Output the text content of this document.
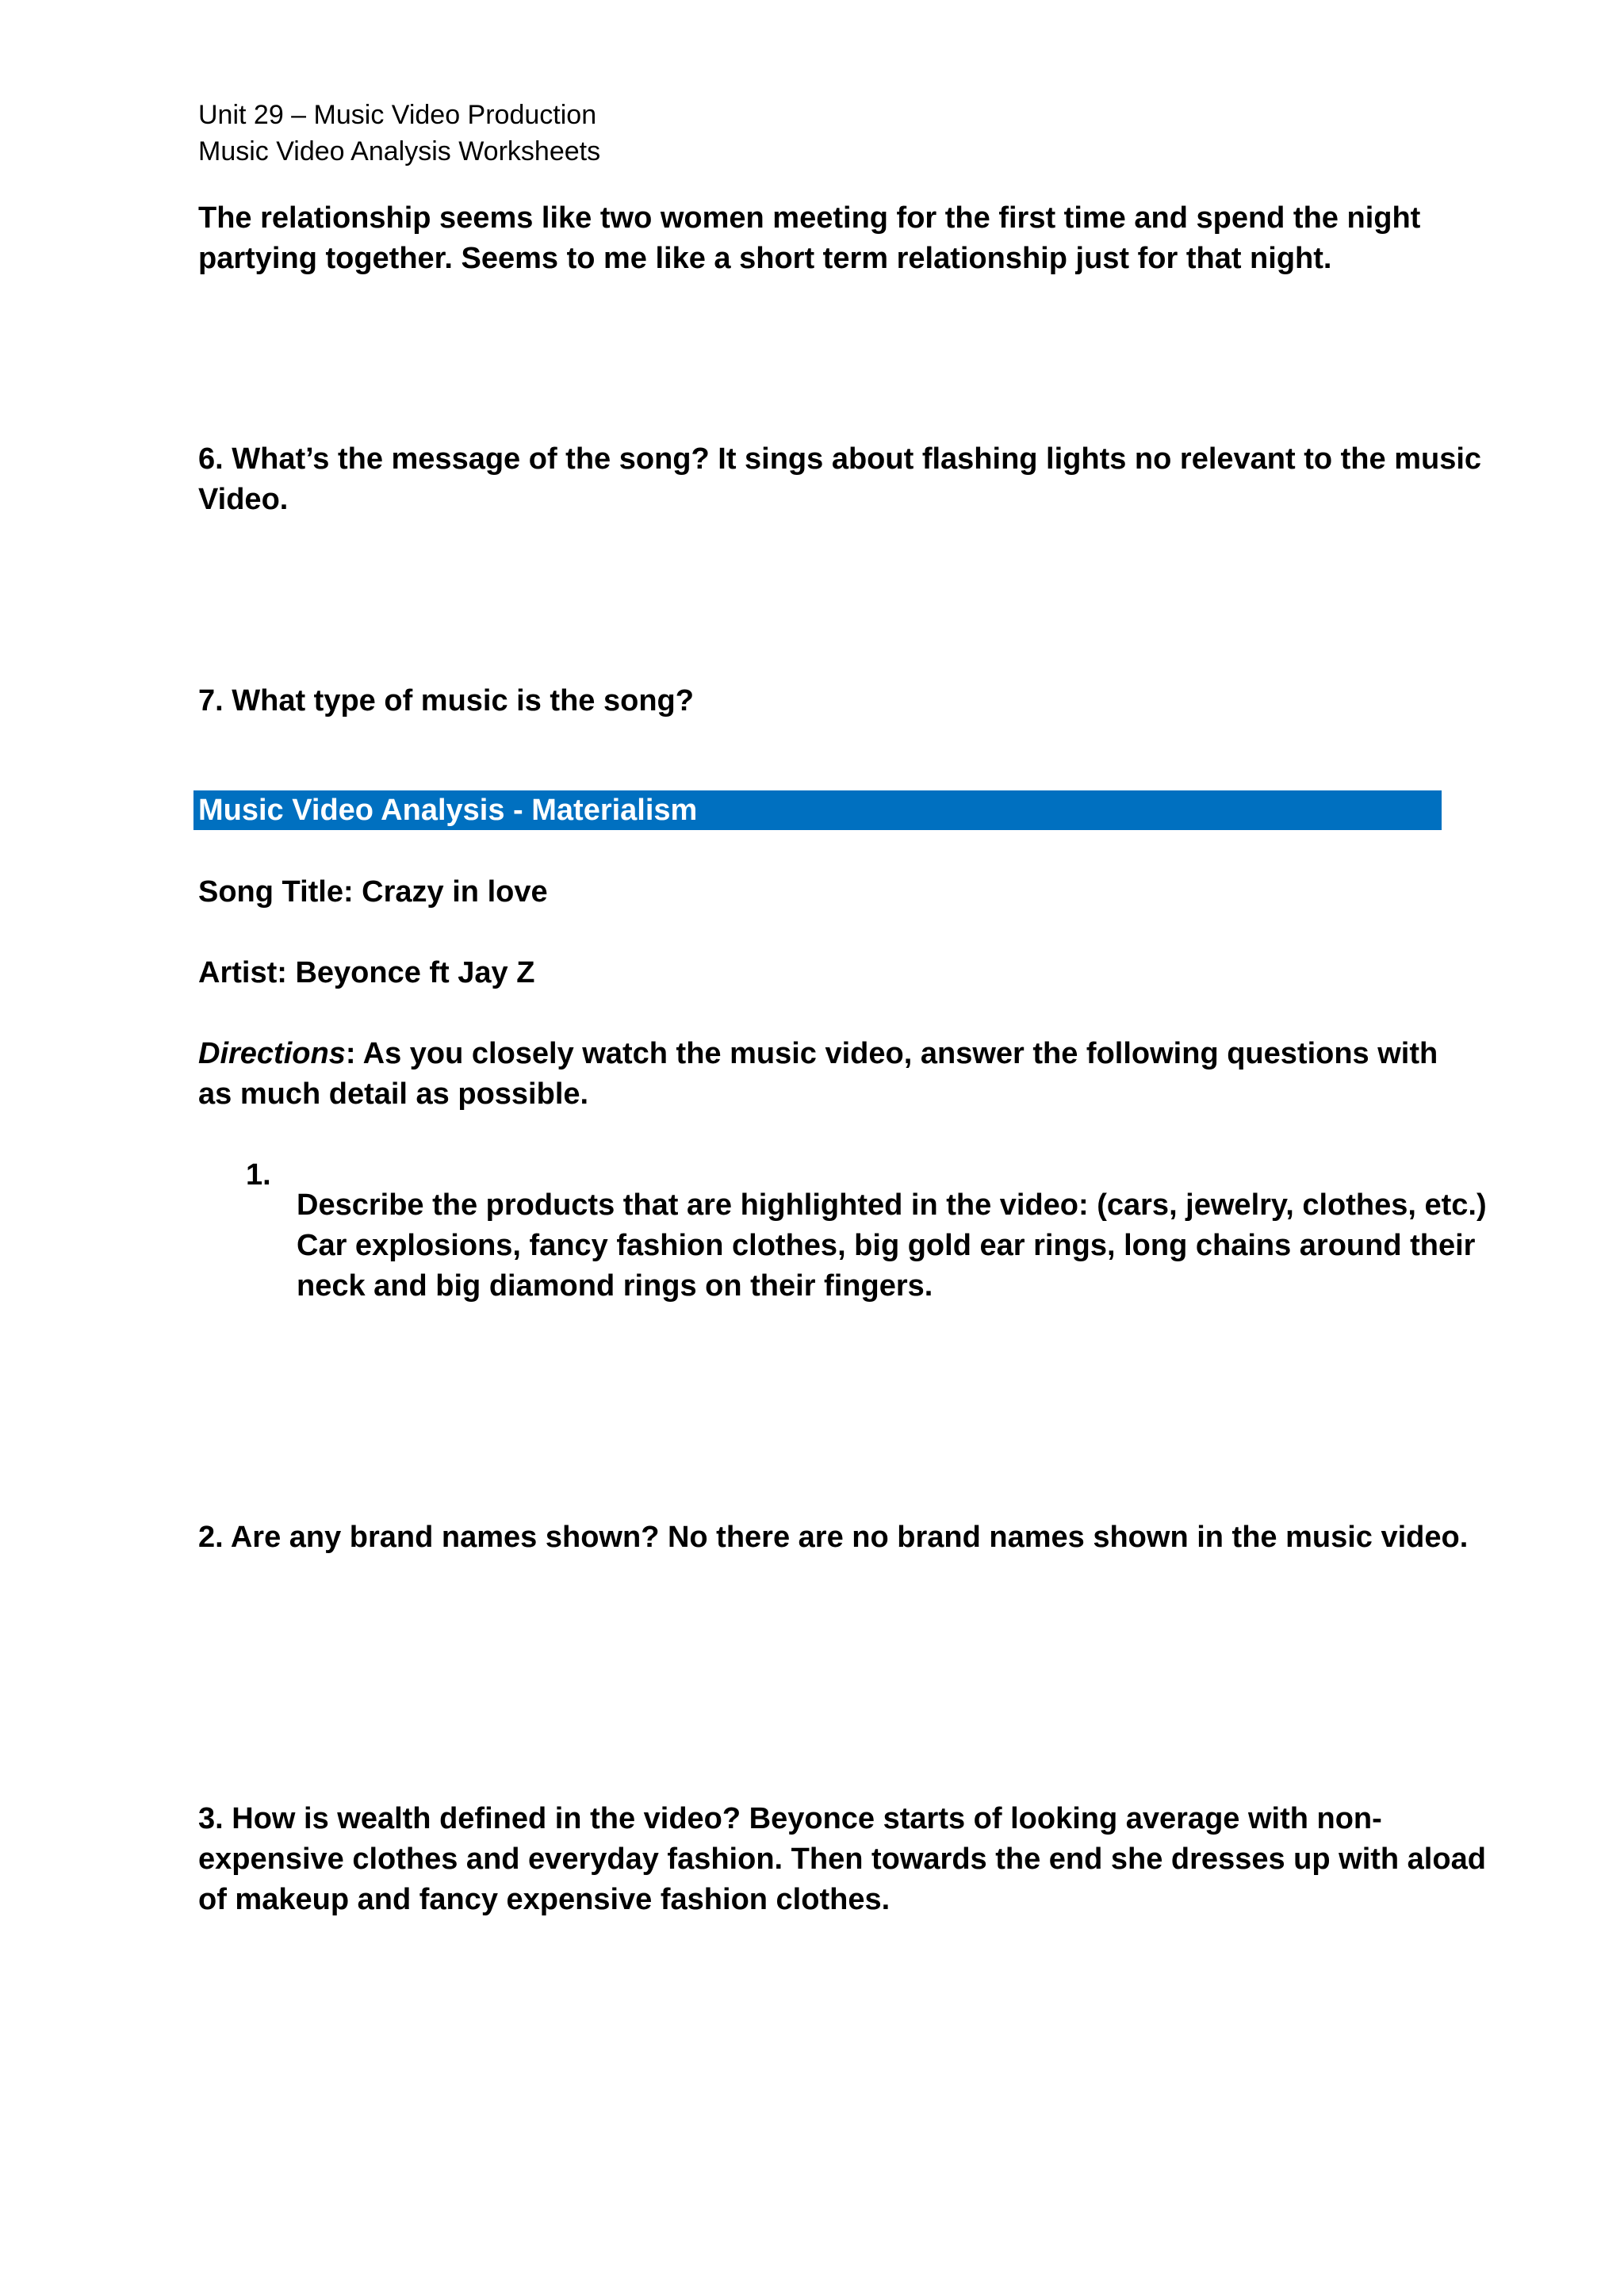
Unit 29 – Music Video Production

Music Video Analysis Worksheets

The relationship seems like two women meeting for the first time and spend the night

partying together. Seems to me like a short term relationship just for that night.

6. What’s the message of the song? It sings about flashing lights no relevant to the music

Video.

7. What type of music is the song?

Music Video Analysis - Materialism

Song Title: Crazy in love

Artist: Beyonce ft Jay Z

Directions: As you closely watch the music video, answer the following questions with

as much detail as possible.

1.

Describe the products that are highlighted in the video: (cars, jewelry, clothes, etc.)

Car explosions, fancy fashion clothes, big gold ear rings, long chains around their

neck and big diamond rings on their fingers.

2. Are any brand names shown? No there are no brand names shown in the music video.

3. How is wealth defined in the video? Beyonce starts of looking average with non-

expensive clothes and everyday fashion. Then towards the end she dresses up with aload

of makeup and fancy expensive fashion clothes.
